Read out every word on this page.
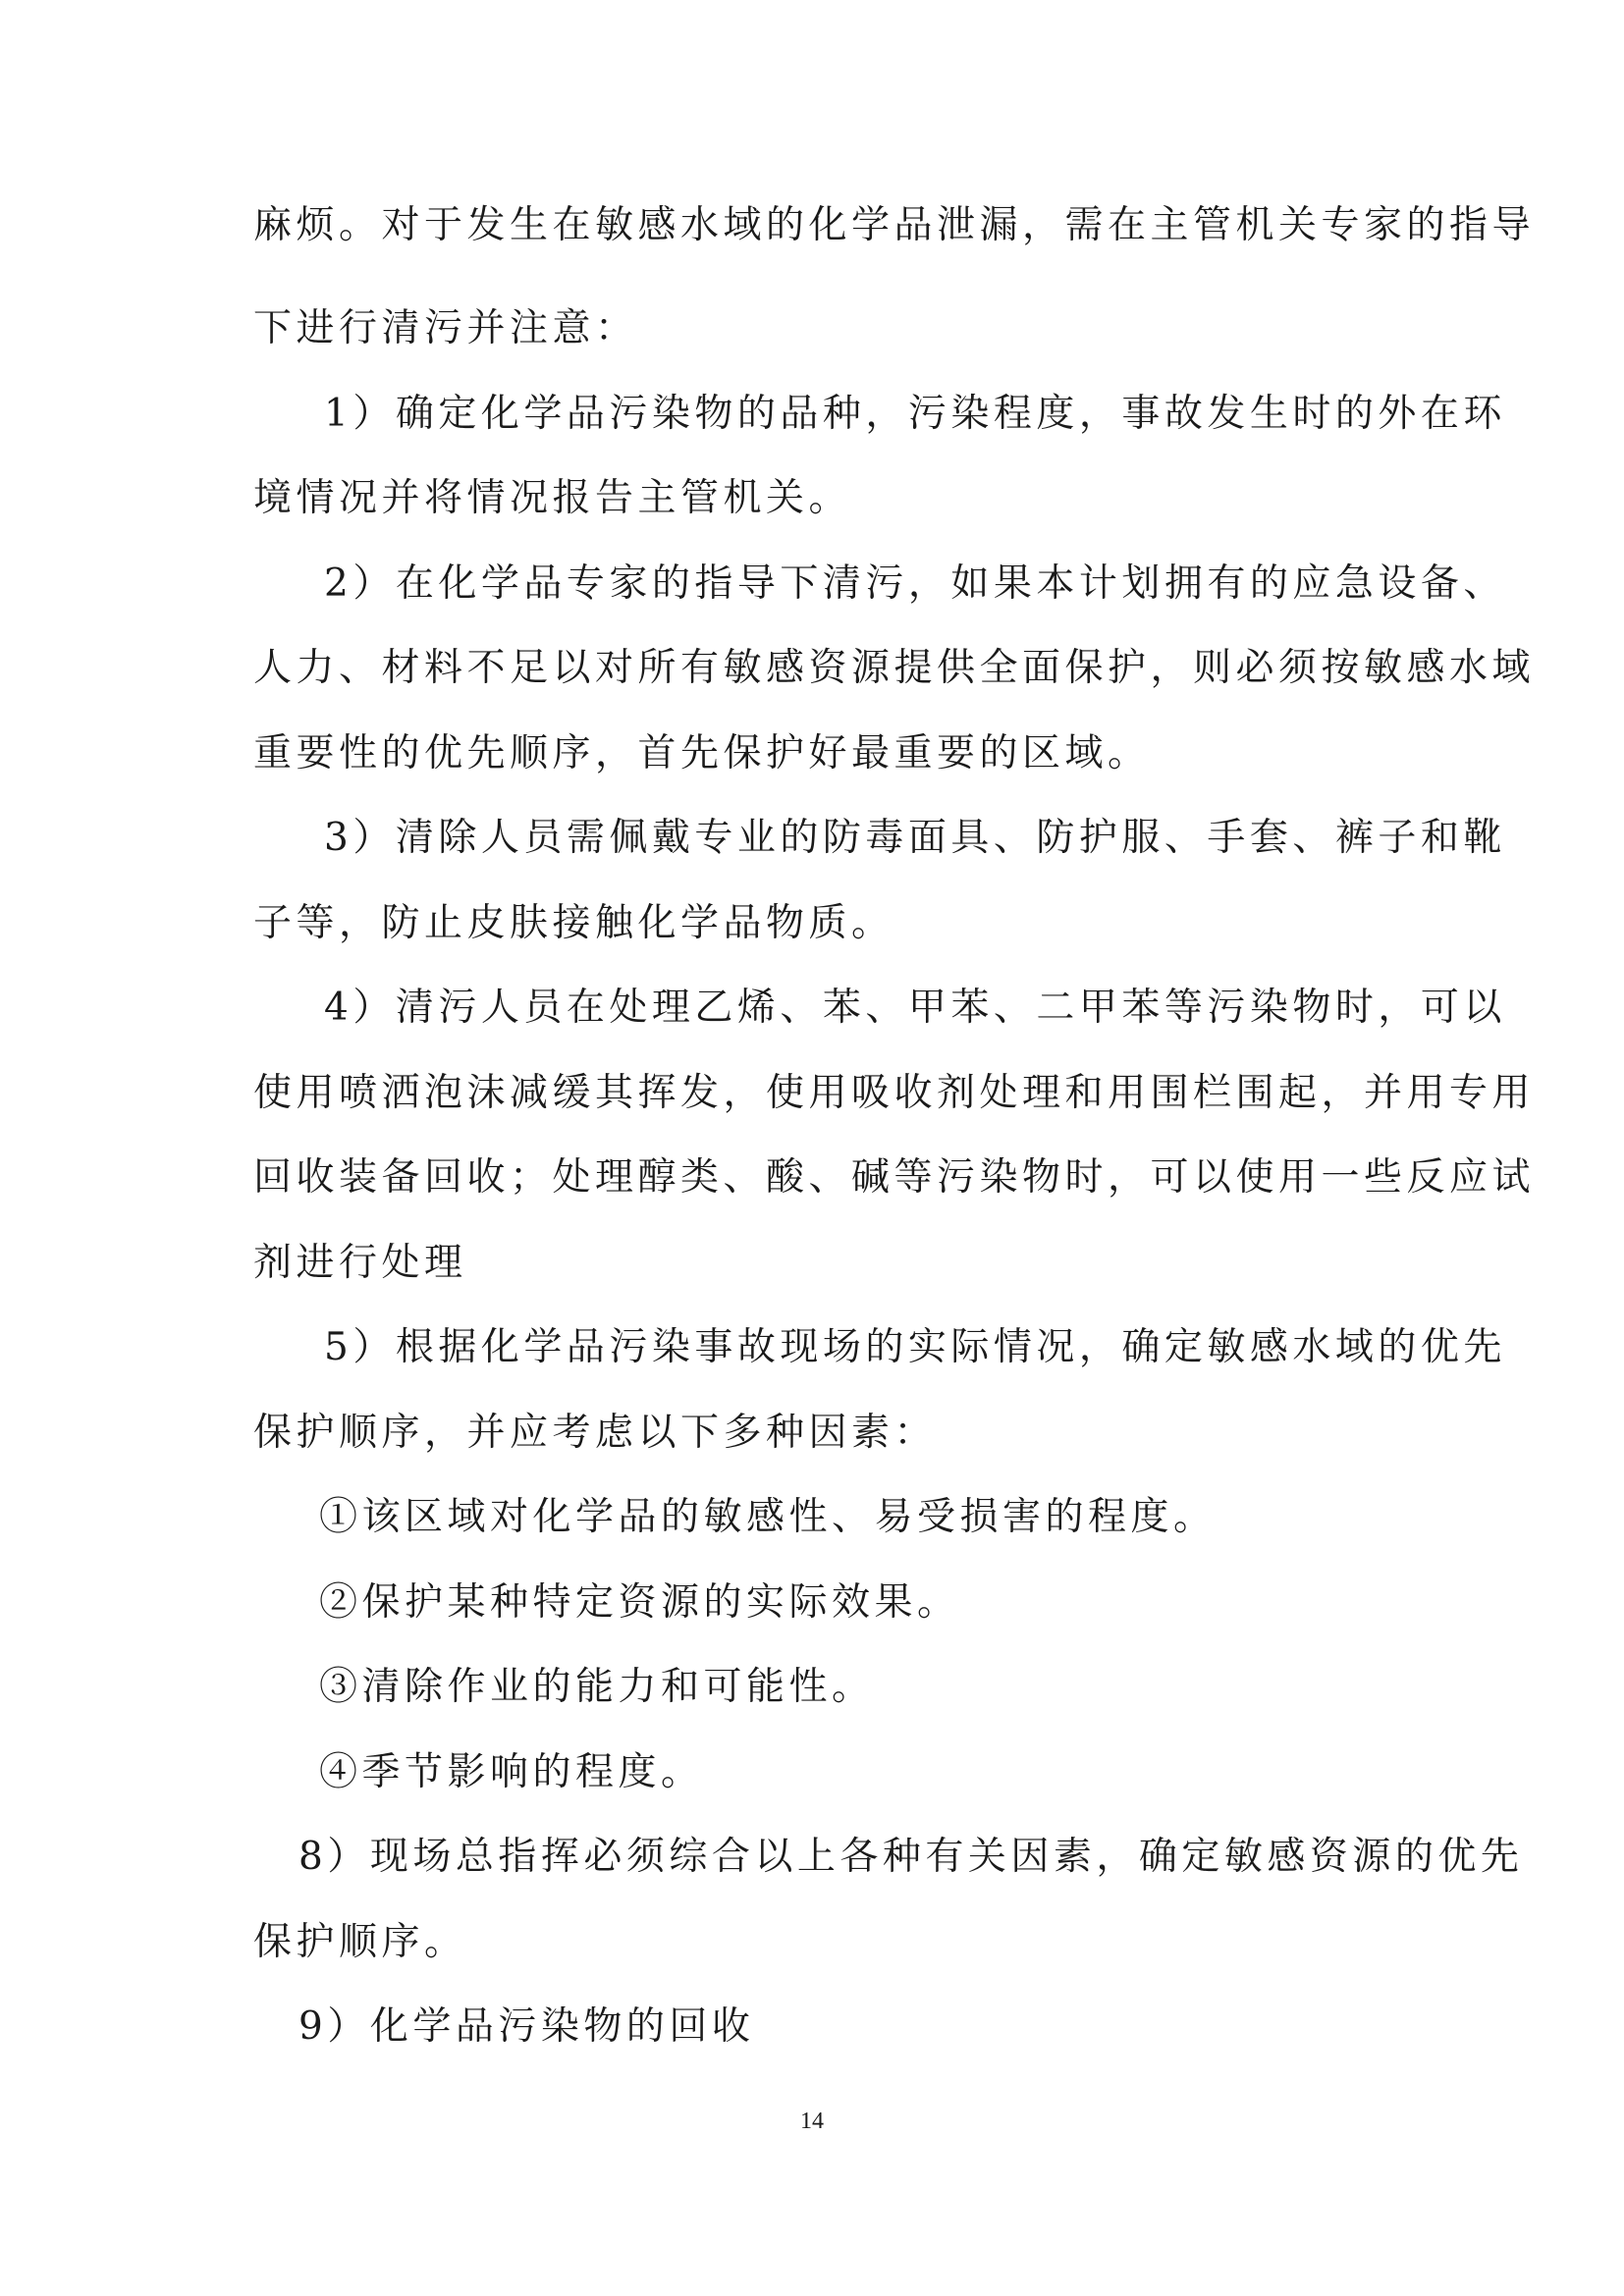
麻烦。对于发生在敏感水域的化学品泄漏，需在主管机关专家的指导
下进行清污并注意：
1）确定化学品污染物的品种，污染程度，事故发生时的外在环
境情况并将情况报告主管机关。
2）在化学品专家的指导下清污，如果本计划拥有的应急设备、
人力、材料不足以对所有敏感资源提供全面保护，则必须按敏感水域
重要性的优先顺序，首先保护好最重要的区域。
3）清除人员需佩戴专业的防毒面具、防护服、手套、裤子和靴
子等，防止皮肤接触化学品物质。
4）清污人员在处理乙烯、苯、甲苯、二甲苯等污染物时，可以
使用喷洒泡沫减缓其挥发，使用吸收剂处理和用围栏围起，并用专用
回收装备回收；处理醇类、酸、碱等污染物时，可以使用一些反应试
剂进行处理
5）根据化学品污染事故现场的实际情况，确定敏感水域的优先
保护顺序，并应考虑以下多种因素：
①该区域对化学品的敏感性、易受损害的程度。
②保护某种特定资源的实际效果。
③清除作业的能力和可能性。
④季节影响的程度。
8）现场总指挥必须综合以上各种有关因素，确定敏感资源的优先
保护顺序。
9）化学品污染物的回收
14
